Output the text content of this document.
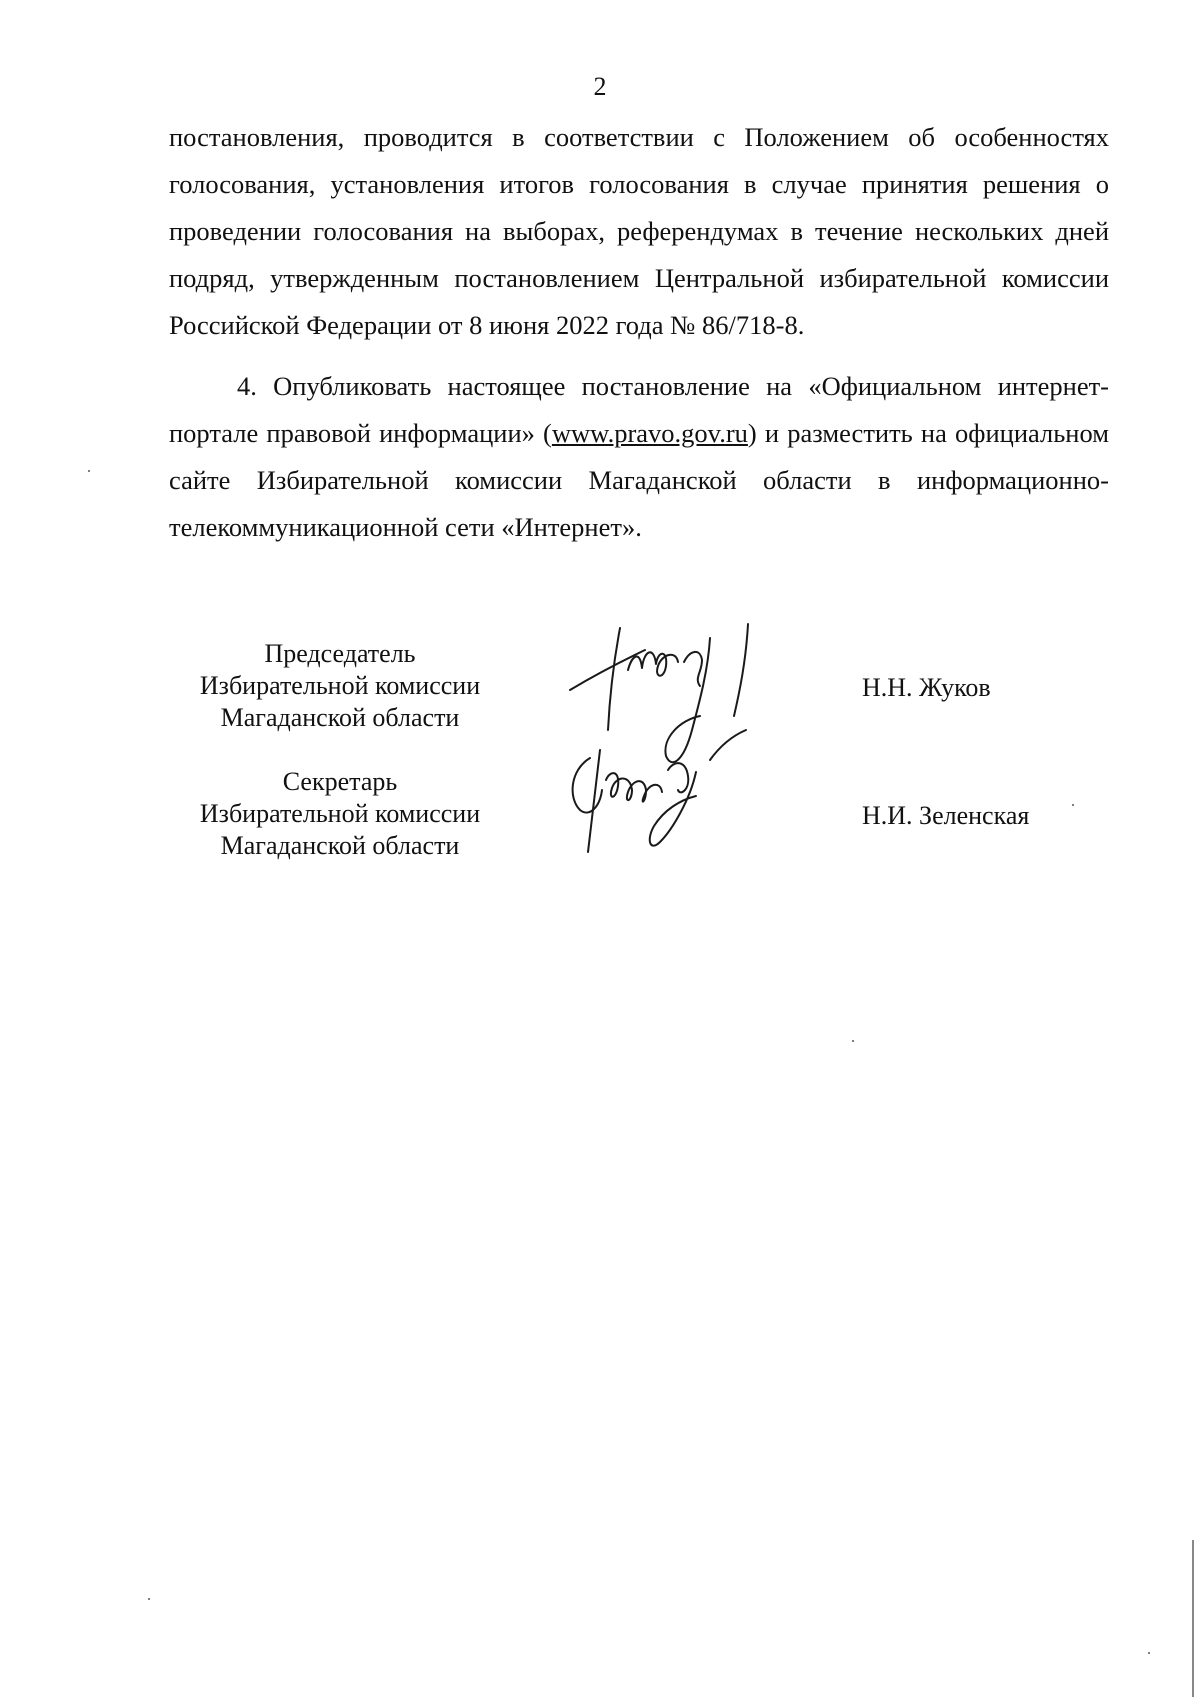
2

постановления, проводится в соответствии с Положением об особенностях голосования, установления итогов голосования в случае принятия решения о проведении голосования на выборах, референдумах в течение нескольких дней подряд, утвержденным постановлением Центральной избирательной комиссии Российской Федерации от 8 июня 2022 года № 86/718-8.

4. Опубликовать настоящее постановление на «Официальном интернет-портале правовой информации» (www.pravo.gov.ru) и разместить на официальном сайте Избирательной комиссии Магаданской области в информационно-телекоммуникационной сети «Интернет».

Председатель
Избирательной комиссии
Магаданской области
Н.Н. Жуков
Секретарь
Избирательной комиссии
Магаданской области
Н.И. Зеленская
